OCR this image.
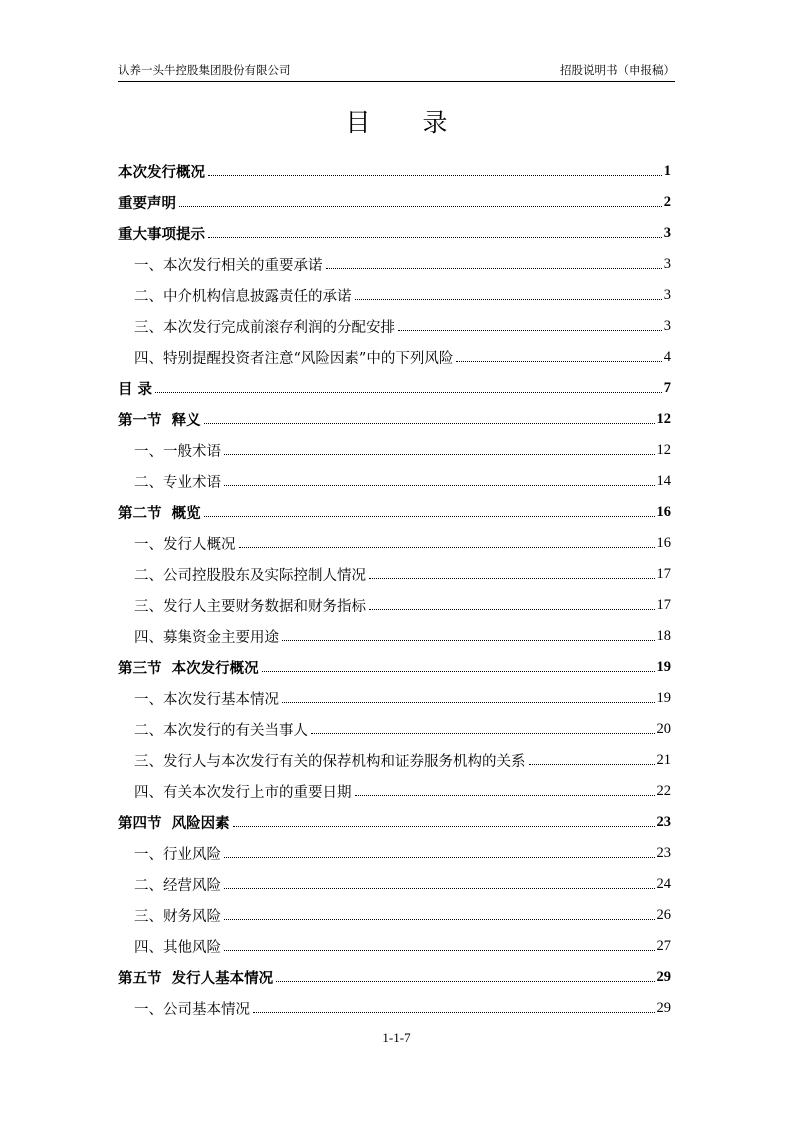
认养一头牛控股集团股份有限公司	招股说明书（申报稿）
目 录
本次发行概况	1
重要声明	2
重大事项提示	3
一、本次发行相关的重要承诺	3
二、中介机构信息披露责任的承诺	3
三、本次发行完成前滚存利润的分配安排	3
四、特别提醒投资者注意“风险因素”中的下列风险	4
目 录	7
第一节  释义	12
一、一般术语	12
二、专业术语	14
第二节  概览	16
一、发行人概况	16
二、公司控股股东及实际控制人情况	17
三、发行人主要财务数据和财务指标	17
四、募集资金主要用途	18
第三节  本次发行概况	19
一、本次发行基本情况	19
二、本次发行的有关当事人	20
三、发行人与本次发行有关的保荐机构和证券服务机构的关系	21
四、有关本次发行上市的重要日期	22
第四节  风险因素	23
一、行业风险	23
二、经营风险	24
三、财务风险	26
四、其他风险	27
第五节  发行人基本情况	29
一、公司基本情况	29
1-1-7
